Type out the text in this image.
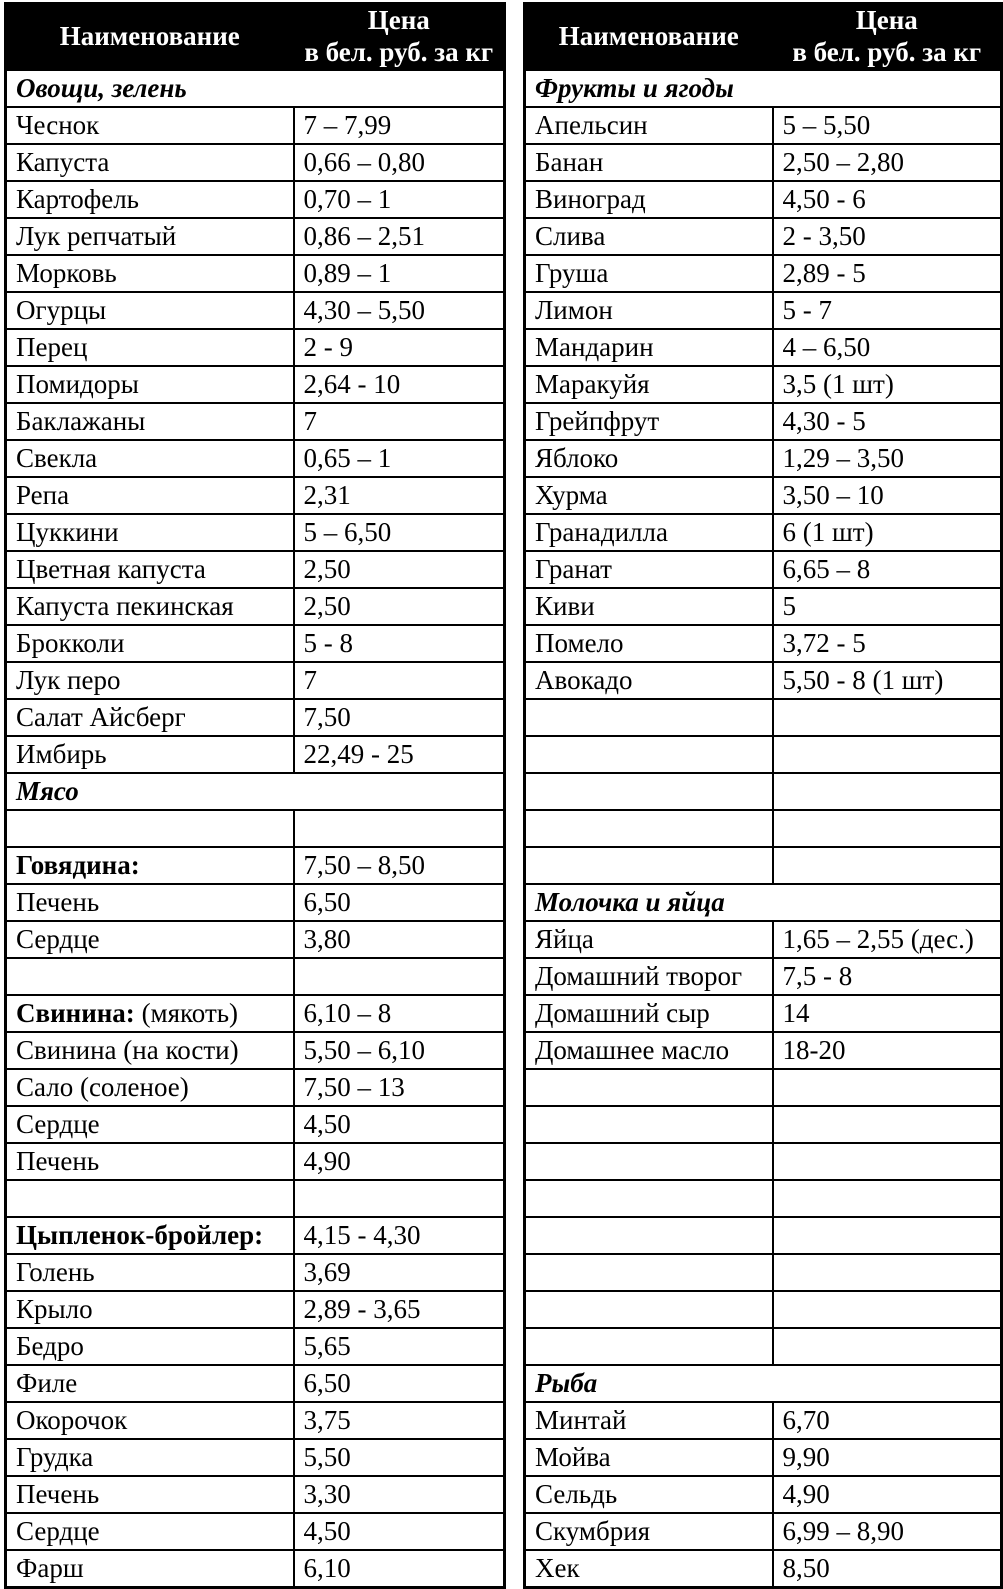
Наименование	Цена
в бел. руб. за кг
Овощи, зелень	
Чеснок	7 – 7,99
Капуста	0,66 – 0,80
Картофель	0,70 – 1
Лук репчатый	0,86 – 2,51
Морковь	0,89 – 1
Огурцы	4,30 – 5,50
Перец	2 - 9
Помидоры	2,64 - 10
Баклажаны	7
Свекла	0,65 – 1
Репа	2,31
Цуккини	5 – 6,50
Цветная капуста	2,50
Капуста пекинская	2,50
Брокколи	5 - 8
Лук перо	7
Салат Айсберг	7,50
Имбирь	22,49 - 25
Мясо	

Говядина:	7,50 – 8,50
Печень	6,50
Сердце	3,80

Свинина: (мякоть)	6,10 – 8
Свинина (на кости)	5,50 – 6,10
Сало (соленое)	7,50 – 13
Сердце	4,50
Печень	4,90

Цыпленок-бройлер:	4,15 - 4,30
Голень	3,69
Крыло	2,89 - 3,65
Бедро	5,65
Филе	6,50
Окорочок	3,75
Грудка	5,50
Печень	3,30
Сердце	4,50
Фарш	6,10
Наименование	Цена
в бел. руб. за кг
Фрукты и ягоды	
Апельсин	5 – 5,50
Банан	2,50 – 2,80
Виноград	4,50 - 6
Слива	2 - 3,50
Груша	2,89 - 5
Лимон	5 - 7
Мандарин	4 – 6,50
Маракуйя	3,5 (1 шт)
Грейпфрут	4,30 - 5
Яблоко	1,29 – 3,50
Хурма	3,50 – 10
Гранадилла	6 (1 шт)
Гранат	6,65 – 8
Киви	5
Помело	3,72 - 5
Авокадо	5,50 - 8 (1 шт)

Молочка и яйца	
Яйца	1,65 – 2,55 (дес.)
Домашний творог	7,5 - 8
Домашний сыр	14
Домашнее масло	18-20

Рыба	
Минтай	6,70
Мойва	9,90
Сельдь	4,90
Скумбрия	6,99 – 8,90
Хек	8,50
